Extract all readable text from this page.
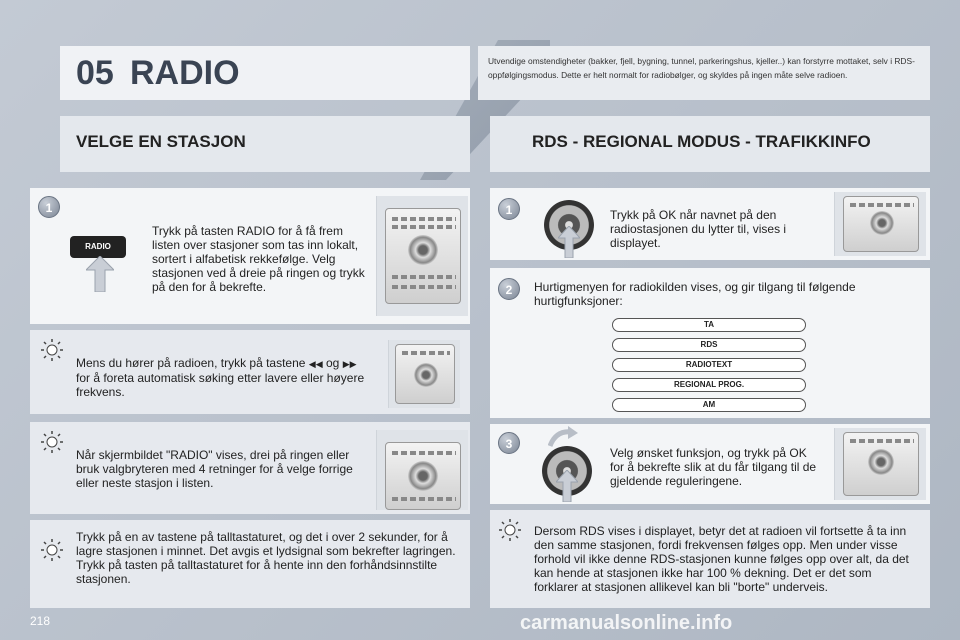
05 RADIO	Utvendige omstendigheter (bakker, fjell, bygning, tunnel, parkeringshus, kjeller..) kan forstyrre mottaket, selv i RDS-oppfølgingsmodus. Dette er helt normalt for radiobølger, og skyldes på ingen måte selve radioen.
VELGE EN STASJON	RDS - REGIONAL MODUS - TRAFIKKINFO
1
RADIO
Trykk på tasten RADIO for å få frem listen over stasjoner som tas inn lokalt, sortert i alfabetisk rekkefølge. Velg stasjonen ved å dreie på ringen og trykk på den for å bekrefte.
Mens du hører på radioen, trykk på tastene ◀◀ og ▶▶ for å foreta automatisk søking etter lavere eller høyere frekvens.
Når skjermbildet "RADIO" vises, drei på ringen eller bruk valgbryteren med 4 retninger for å velge forrige eller neste stasjon i listen.
Trykk på en av tastene på talltastaturet, og det i over 2 sekunder, for å lagre stasjonen i minnet. Det avgis et lydsignal som bekrefter lagringen. Trykk på tasten på talltastaturet for å hente inn den forhåndsinnstilte stasjonen.
1	Trykk på OK når navnet på den radiostasjonen du lytter til, vises i displayet.
2	Hurtigmenyen for radiokilden vises, og gir tilgang til følgende hurtigfunksjoner:
TA
RDS
RADIOTEXT
REGIONAL PROG.
AM
3
Velg ønsket funksjon, og trykk på OK for å bekrefte slik at du får tilgang til de gjeldende reguleringene.
Dersom RDS vises i displayet, betyr det at radioen vil fortsette å ta inn den samme stasjonen, fordi frekvensen følges opp. Men under visse forhold vil ikke denne RDS-stasjonen kunne følges opp over alt, da det kan hende at stasjonen ikke har 100 % dekning. Det er det som forklarer at stasjonen allikevel kan bli "borte" underveis.
218	carmanualsonline.info
